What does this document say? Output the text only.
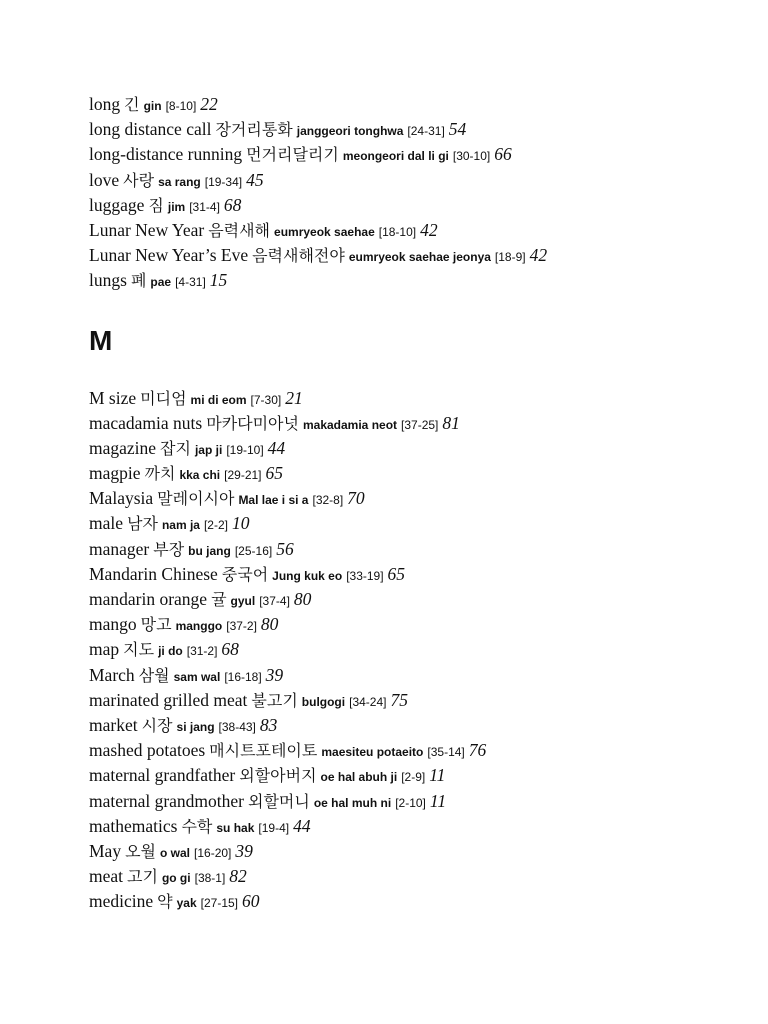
long 긴 gin [8-10] 22
long distance call 장거리통화 janggeori tonghwa [24-31] 54
long-distance running 먼거리달리기 meongeori dal li gi [30-10] 66
love 사랑 sa rang [19-34] 45
luggage 짐 jim [31-4] 68
Lunar New Year 음력새해 eumryeok saehae [18-10] 42
Lunar New Year’s Eve 음력새해전야 eumryeok saehae jeonya [18-9] 42
lungs 폐 pae [4-31] 15
M
M size 미디엄 mi di eom [7-30] 21
macadamia nuts 마카다미아넛 makadamia neot [37-25] 81
magazine 잡지 jap ji [19-10] 44
magpie 까치 kka chi [29-21] 65
Malaysia 말레이시아 Mal lae i si a [32-8] 70
male 남자 nam ja [2-2] 10
manager 부장 bu jang [25-16] 56
Mandarin Chinese 중국어 Jung kuk eo [33-19] 65
mandarin orange 귤 gyul [37-4] 80
mango 망고 manggo [37-2] 80
map 지도 ji do [31-2] 68
March 삼월 sam wal [16-18] 39
marinated grilled meat 불고기 bulgogi [34-24] 75
market 시장 si jang [38-43] 83
mashed potatoes 매시트포테이토 maesiteu potaeito [35-14] 76
maternal grandfather 외할아버지 oe hal abuh ji [2-9] 11
maternal grandmother 외할머니 oe hal muh ni [2-10] 11
mathematics 수학 su hak [19-4] 44
May 오월 o wal [16-20] 39
meat 고기 go gi [38-1] 82
medicine 약 yak [27-15] 60
